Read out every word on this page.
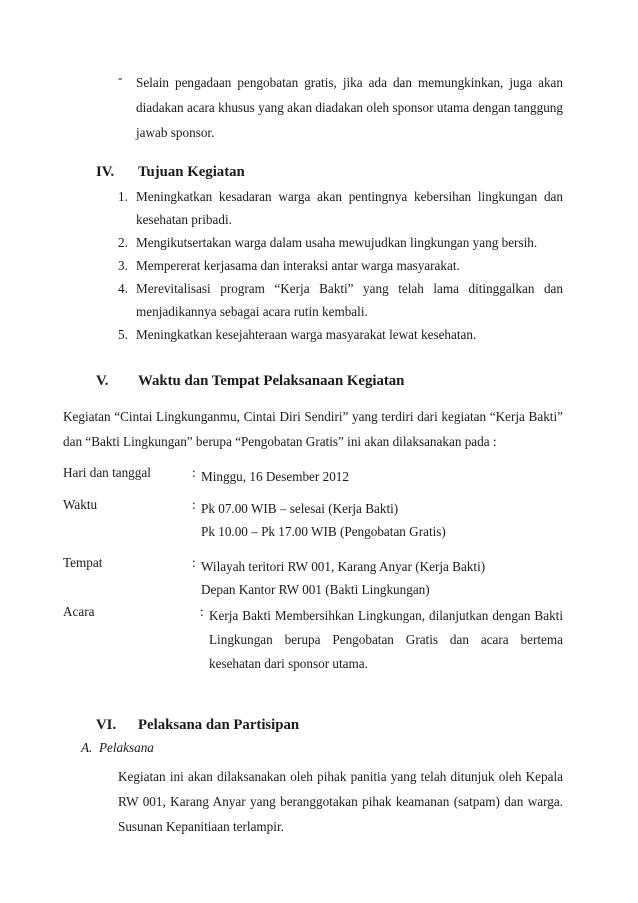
- Selain pengadaan pengobatan gratis, jika ada dan memungkinkan, juga akan diadakan acara khusus yang akan diadakan oleh sponsor utama dengan tanggung jawab sponsor.
IV. Tujuan Kegiatan
1. Meningkatkan kesadaran warga akan pentingnya kebersihan lingkungan dan kesehatan pribadi.
2. Mengikutsertakan warga dalam usaha mewujudkan lingkungan yang bersih.
3. Mempererat kerjasama dan interaksi antar warga masyarakat.
4. Merevitalisasi program “Kerja Bakti” yang telah lama ditinggalkan dan menjadikannya sebagai acara rutin kembali.
5. Meningkatkan kesejahteraan warga masyarakat lewat kesehatan.
V. Waktu dan Tempat Pelaksanaan Kegiatan
Kegiatan “Cintai Lingkunganmu, Cintai Diri Sendiri” yang terdiri dari kegiatan “Kerja Bakti” dan “Bakti Lingkungan” berupa “Pengobatan Gratis” ini akan dilaksanakan pada :
Hari dan tanggal	: Minggu, 16 Desember 2012
Waktu	: Pk 07.00 WIB – selesai (Kerja Bakti)
Pk 10.00 – Pk 17.00 WIB (Pengobatan Gratis)
Tempat	: Wilayah teritori RW 001, Karang Anyar (Kerja Bakti)
Depan Kantor RW 001 (Bakti Lingkungan)
Acara	: Kerja Bakti Membersihkan Lingkungan, dilanjutkan dengan Bakti Lingkungan berupa Pengobatan Gratis dan acara bertema kesehatan dari sponsor utama.
VI. Pelaksana dan Partisipan
A.  Pelaksana
Kegiatan ini akan dilaksanakan oleh pihak panitia yang telah ditunjuk oleh Kepala RW 001, Karang Anyar yang beranggotakan pihak keamanan (satpam) dan warga. Susunan Kepanitiaan terlampir.
